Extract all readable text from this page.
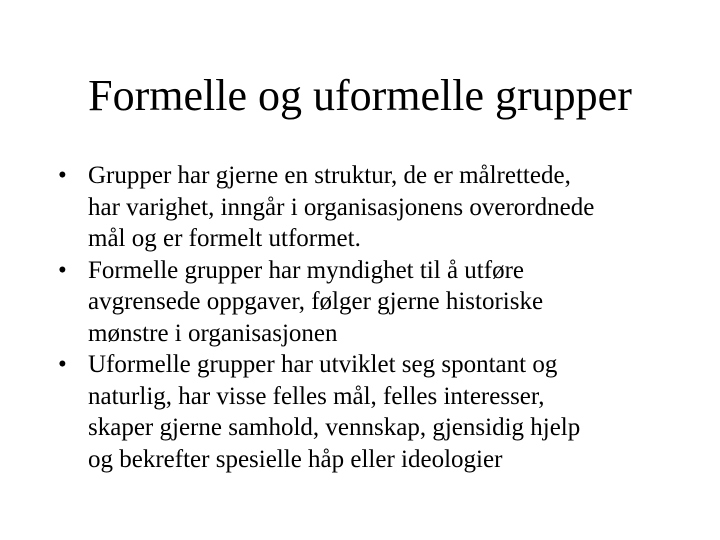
Formelle og uformelle grupper
• Grupper har gjerne en struktur, de er målrettede,
har varighet, inngår i organisasjonens overordnede
mål og er formelt utformet.
• Formelle grupper har myndighet til å utføre
avgrensede oppgaver, følger gjerne historiske
mønstre i organisasjonen
• Uformelle grupper har utviklet seg spontant og
naturlig, har visse felles mål, felles interesser,
skaper gjerne samhold, vennskap, gjensidig hjelp
og bekrefter spesielle håp eller ideologier
